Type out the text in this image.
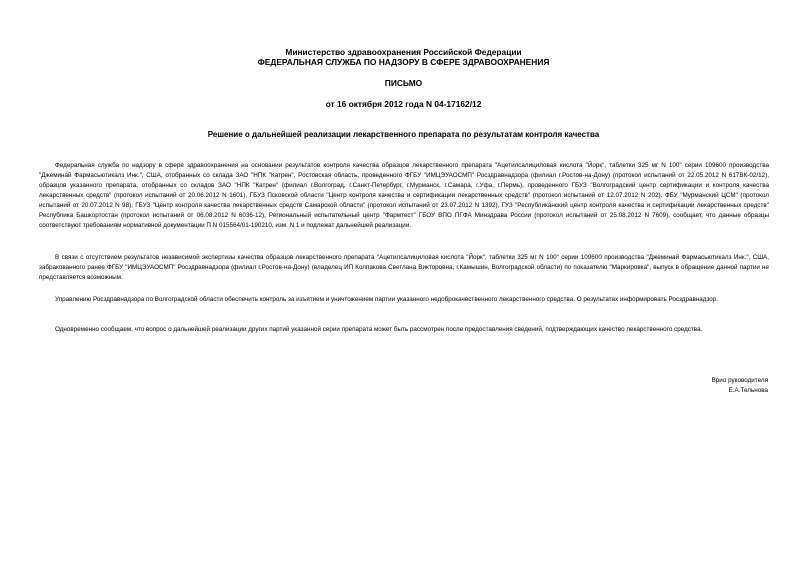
Министерство здравоохранения Российской Федерации
ФЕДЕРАЛЬНАЯ СЛУЖБА ПО НАДЗОРУ В СФЕРЕ ЗДРАВООХРАНЕНИЯ
ПИСЬМО
от 16 октября 2012 года N 04-17162/12
Решение о дальнейшей реализации лекарственного препарата по результатам контроля качества

Федеральная служба по надзору в сфере здравоохранения на основании результатов контроля качества образцов лекарственного препарата "Ацетилсалициловая кислота "Йорк", таблетки 325 мг N 100" серии 109600 производства "Джеминай Фармасьютикалз Инк.", США, отобранных со склада ЗАО "НПК "Катрен", Ростовская область, проведенного ФГБУ "ИМЦЭУАОСМП" Росздравнадзора (филиал г.Ростов-на-Дону) (протокол испытаний от 22.05.2012 N 617ВК-02/12), образцов указанного препарата, отобранных со складов ЗАО "НПК "Катрен" (филиал г.Волгоград, г.Санкт-Петербург, г.Мурманск, г.Самара, г.Уфа, г.Пермь), проведенного ГБУЗ "Волгоградский центр сертификации и контроля качества лекарственных средств" (протокол испытаний от 20.06.2012 N 1601), ГБУЗ Псковской области "Центр контроля качества и сертификации лекарственных средств" (протокол испытаний от 12.07.2012 N 202), ФБУ "Мурманский ЦСМ" (протокол испытаний от 20.07.2012 N 98), ГБУЗ "Центр контроля качества лекарственных средств Самарской области" (протокол испытаний от 23.07.2012 N 1392), ГУЗ "Республиканский центр контроля качества и сертификации лекарственных средств" Республика Башкортостан (протокол испытаний от 06.08.2012 N 6036-12), Региональный испытательный центр "Фармтест" ГБОУ ВПО ПГФА Минздрава России (протокол испытаний от 25.08.2012 N 7609), сообщает, что данные образцы соответствуют требованиям нормативной документации П N 015564/01-190210, изм. N 1 и подлежат дальнейшей реализации.

В связи с отсутствием результатов независимой экспертизы качества образцов лекарственного препарата "Ацетилсалициловая кислота "Йорк", таблетки 325 мг N 100" серии 109600 производства "Джеминай Фармасьютикалз Инк.", США, забракованного ранее ФГБУ "ИМЦЭУАОСМП" Росздравнадзора (филиал г.Ростов-на-Дону) (владелец ИП Колпакова Светлана Викторовна, г.Камышин, Волгоградской области) по показателю "Маркировка", выпуск в обращение данной партии не представляется возможным.

Управлению Росздравнадзора по Волгоградской области обеспечить контроль за изъятием и уничтожением партии указанного недоброкачественного лекарственного средства. О результатах информировать Росздравнадзор.

Одновременно сообщаем, что вопрос о дальнейшей реализации других партий указанной серии препарата может быть рассмотрен после предоставления сведений, подтверждающих качество лекарственного средства.

Врио руководителя
Е.А.Тельнова
